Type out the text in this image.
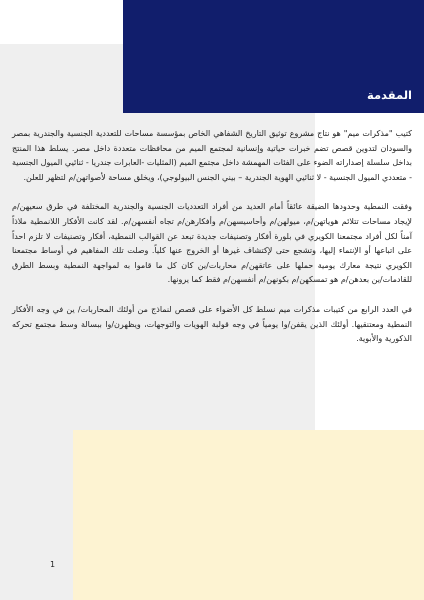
المقدمة

كتيب "مذكرات ميم" هو نتاج مشروع توثيق التاريخ الشفاهي الخاص بمؤسسة مساحات للتعددية الجنسية والجندرية بمصر والسودان لتدوين قصص تضم خبرات حياتية وإنسانية لمجتمع الميم من محافظات متعددة داخل مصر. يسلط هذا المنتج بداخل سلسلة إصداراته الضوء على الفئات المهمشة داخل مجتمع الميم (المثليات -العابرات جندريا - ثنائيي الميول الجنسية - متعددي الميول الجنسية - لا ثنائيي الهوية الجندرية – بيني الجنس البيولوجي)، ويخلق مساحة لأصواتهن/م لتظهر للعلن.

وفقت النمطية وحدودها الضيقة عائقاً أمام العديد من أفراد التعدديات الجنسية والجندرية المختلفة في طرق سعيهن/م لإيجاد مساحات تتلائم هوياتهن/م، ميولهن/م وأحاسيسهن/م وأفكارهن/م تجاه أنفسهن/م. لقد كانت الأفكار اللانمطية ملاذاً آمناً لكل أفراد مجتمعنا الكويري في بلورة أفكار وتصنيفات جديدة تبعد عن القوالب النمطية، أفكار وتصنيفات لا تلزم احداً على اتباعها أو الإنتماء إليها، وتشجع حتى لإكتشاف غيرها أو الخروج عنها كلياً. وصلت تلك المفاهيم في أوساط مجتمعنا الكويري نتيجة معارك يومية حملها على عاتقهن/م محاربات/ين كان كل ما قاموا به لمواجهة النمطية وبسط الطرق للقادمات/ين بعدهن/م هو تمسكهن/م بكونهن/م أنفسهن/م فقط كما يرونها.

في العدد الرابع من كتيبات مذكرات ميم نسلط كل الأضواء على قصص لنماذج من أولئك المحاربات/ ين في وجه الأفكار النمطية ومعتنقيها. أولئك الذين يقفن/وا يومياً في وجه قولبة الهويات والتوجهات، ويظهرن/وا ببسالة وسط مجتمع تحركه الذكورية والأبوية.

1
